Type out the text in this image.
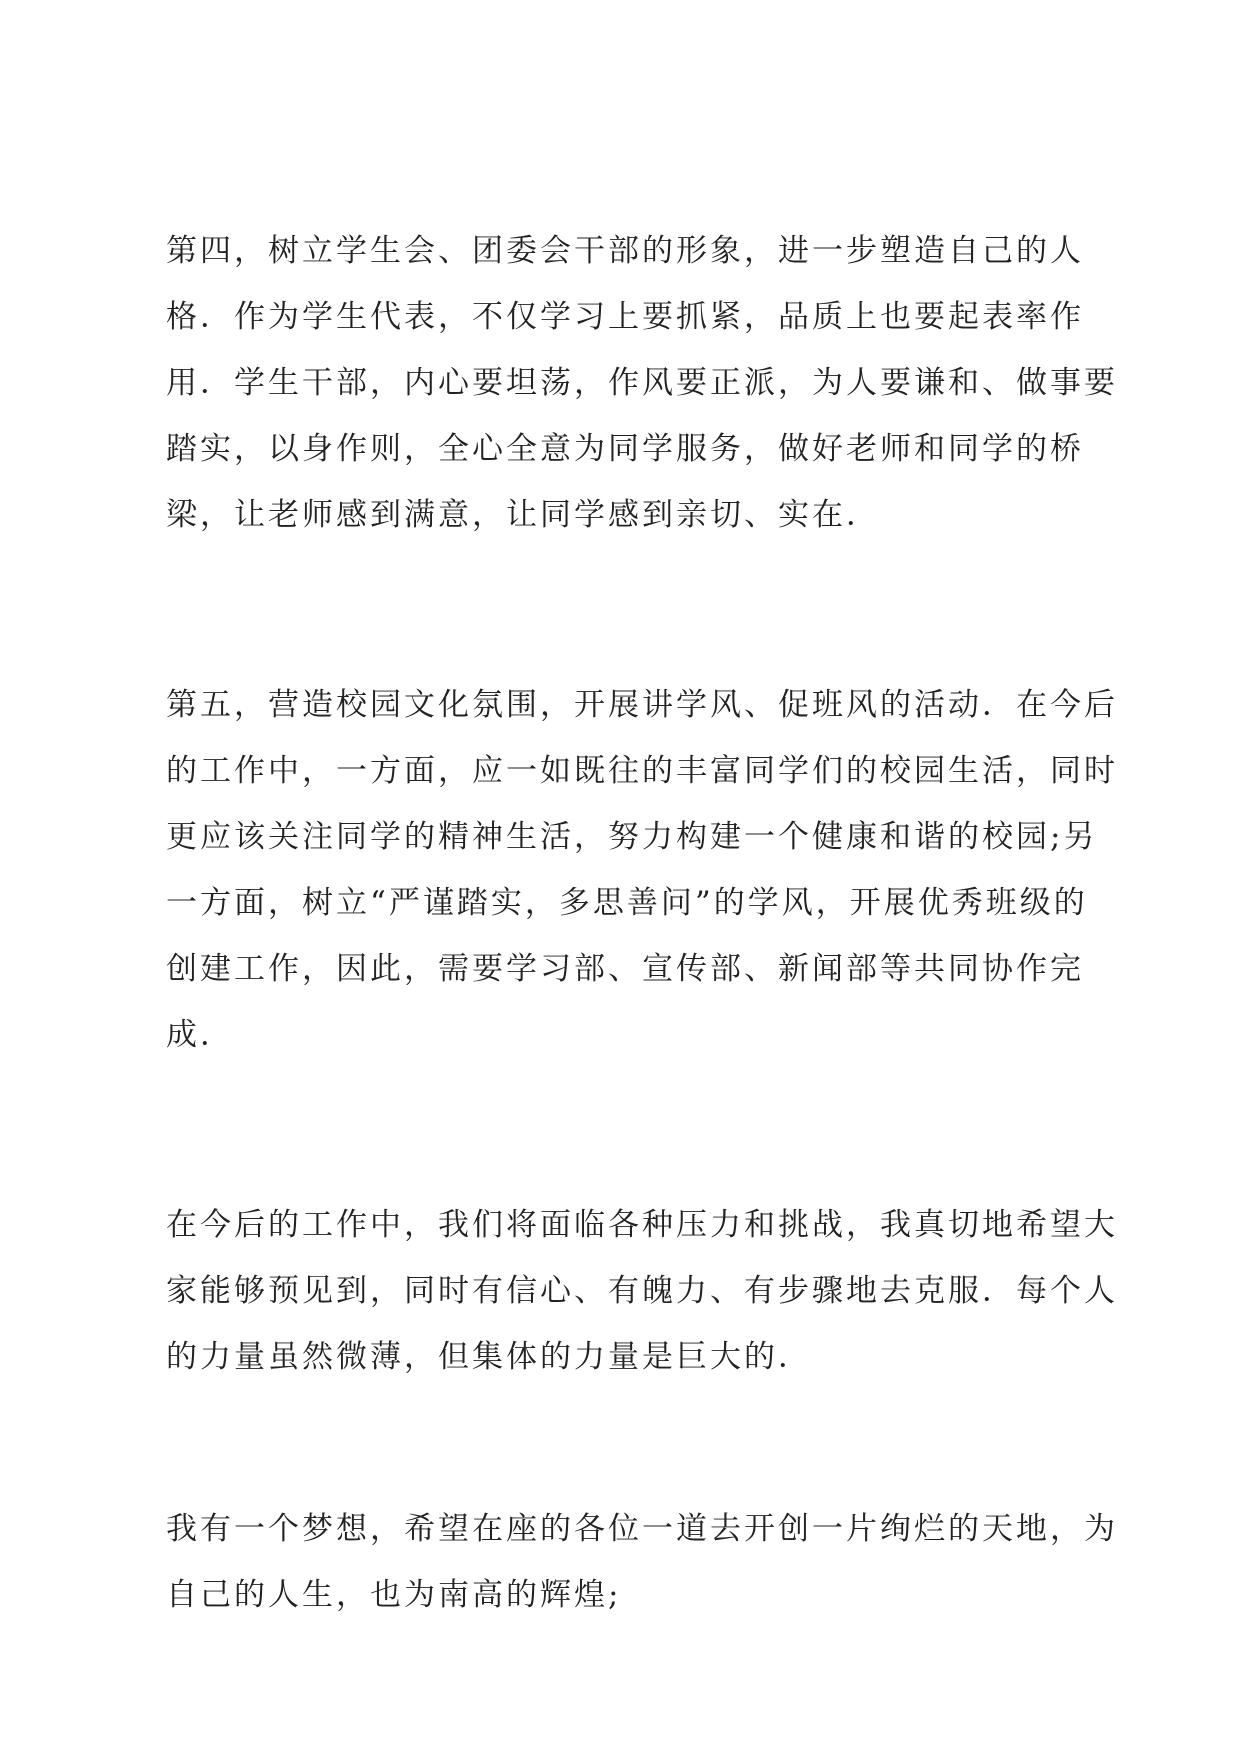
第四，树立学生会、团委会干部的形象，进一步塑造自己的人
格．作为学生代表，不仅学习上要抓紧，品质上也要起表率作
用．学生干部，内心要坦荡，作风要正派，为人要谦和、做事要
踏实，以身作则，全心全意为同学服务，做好老师和同学的桥
梁，让老师感到满意，让同学感到亲切、实在．
第五，营造校园文化氛围，开展讲学风、促班风的活动．在今后
的工作中，一方面，应一如既往的丰富同学们的校园生活，同时
更应该关注同学的精神生活，努力构建一个健康和谐的校园;另
一方面，树立“严谨踏实，多思善问”的学风，开展优秀班级的
创建工作，因此，需要学习部、宣传部、新闻部等共同协作完
成．
在今后的工作中，我们将面临各种压力和挑战，我真切地希望大
家能够预见到，同时有信心、有魄力、有步骤地去克服．每个人
的力量虽然微薄，但集体的力量是巨大的．
我有一个梦想，希望在座的各位一道去开创一片绚烂的天地，为
自己的人生，也为南高的辉煌;
